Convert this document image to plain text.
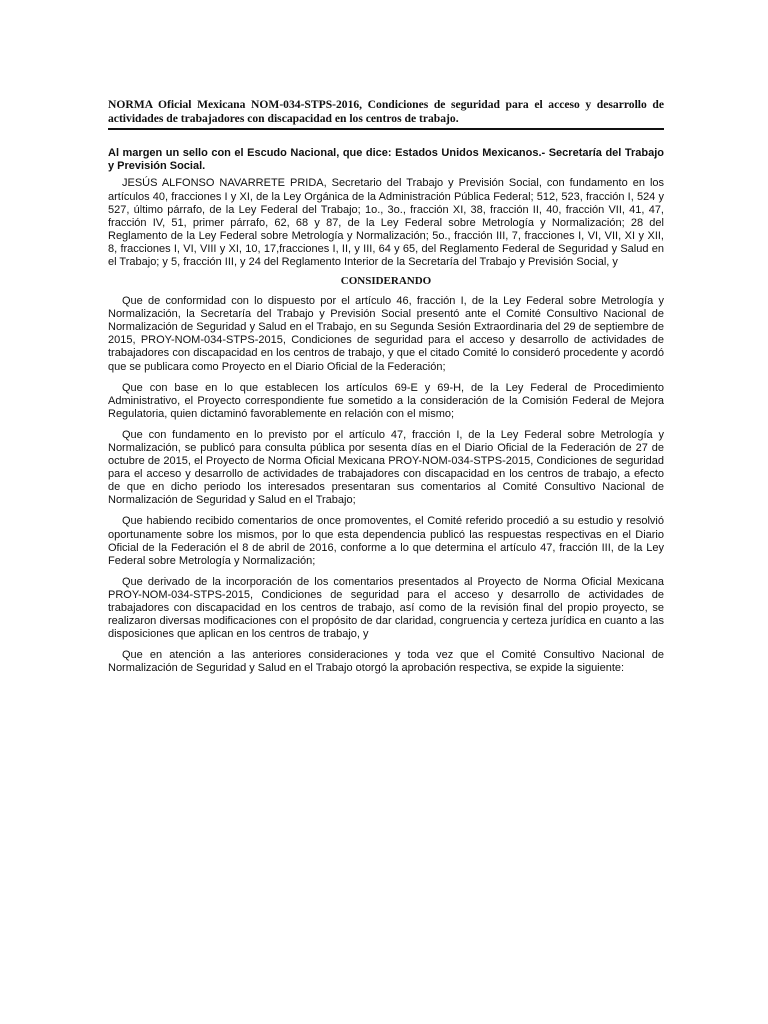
NORMA Oficial Mexicana NOM-034-STPS-2016, Condiciones de seguridad para el acceso y desarrollo de actividades de trabajadores con discapacidad en los centros de trabajo.

Al margen un sello con el Escudo Nacional, que dice: Estados Unidos Mexicanos.- Secretaría del Trabajo y Previsión Social.

JESÚS ALFONSO NAVARRETE PRIDA, Secretario del Trabajo y Previsión Social, con fundamento en los artículos 40, fracciones I y XI, de la Ley Orgánica de la Administración Pública Federal; 512, 523, fracción I, 524 y 527, último párrafo, de la Ley Federal del Trabajo; 1o., 3o., fracción XI, 38, fracción II, 40, fracción VII, 41, 47, fracción IV, 51, primer párrafo, 62, 68 y 87, de la Ley Federal sobre Metrología y Normalización; 28 del Reglamento de la Ley Federal sobre Metrología y Normalización; 5o., fracción III, 7, fracciones I, VI, VII, XI y XII, 8, fracciones I, VI, VIII y XI, 10, 17,fracciones I, II, y III, 64 y 65, del Reglamento Federal de Seguridad y Salud en el Trabajo; y 5, fracción III, y 24 del Reglamento Interior de la Secretaría del Trabajo y Previsión Social, y

CONSIDERANDO

Que de conformidad con lo dispuesto por el artículo 46, fracción I, de la Ley Federal sobre Metrología y Normalización, la Secretaría del Trabajo y Previsión Social presentó ante el Comité Consultivo Nacional de Normalización de Seguridad y Salud en el Trabajo, en su Segunda Sesión Extraordinaria del 29 de septiembre de 2015, PROY-NOM-034-STPS-2015, Condiciones de seguridad para el acceso y desarrollo de actividades de trabajadores con discapacidad en los centros de trabajo, y que el citado Comité lo consideró procedente y acordó que se publicara como Proyecto en el Diario Oficial de la Federación;

Que con base en lo que establecen los artículos 69-E y 69-H, de la Ley Federal de Procedimiento Administrativo, el Proyecto correspondiente fue sometido a la consideración de la Comisión Federal de Mejora Regulatoria, quien dictaminó favorablemente en relación con el mismo;

Que con fundamento en lo previsto por el artículo 47, fracción I, de la Ley Federal sobre Metrología y Normalización, se publicó para consulta pública por sesenta días en el Diario Oficial de la Federación de 27 de octubre de 2015, el Proyecto de Norma Oficial Mexicana PROY-NOM-034-STPS-2015, Condiciones de seguridad para el acceso y desarrollo de actividades de trabajadores con discapacidad en los centros de trabajo, a efecto de que en dicho periodo los interesados presentaran sus comentarios al Comité Consultivo Nacional de Normalización de Seguridad y Salud en el Trabajo;

Que habiendo recibido comentarios de once promoventes, el Comité referido procedió a su estudio y resolvió oportunamente sobre los mismos, por lo que esta dependencia publicó las respuestas respectivas en el Diario Oficial de la Federación el 8 de abril de 2016, conforme a lo que determina el artículo 47, fracción III, de la Ley Federal sobre Metrología y Normalización;

Que derivado de la incorporación de los comentarios presentados al Proyecto de Norma Oficial Mexicana PROY-NOM-034-STPS-2015, Condiciones de seguridad para el acceso y desarrollo de actividades de trabajadores con discapacidad en los centros de trabajo, así como de la revisión final del propio proyecto, se realizaron diversas modificaciones con el propósito de dar claridad, congruencia y certeza jurídica en cuanto a las disposiciones que aplican en los centros de trabajo, y

Que en atención a las anteriores consideraciones y toda vez que el Comité Consultivo Nacional de Normalización de Seguridad y Salud en el Trabajo otorgó la aprobación respectiva, se expide la siguiente:
